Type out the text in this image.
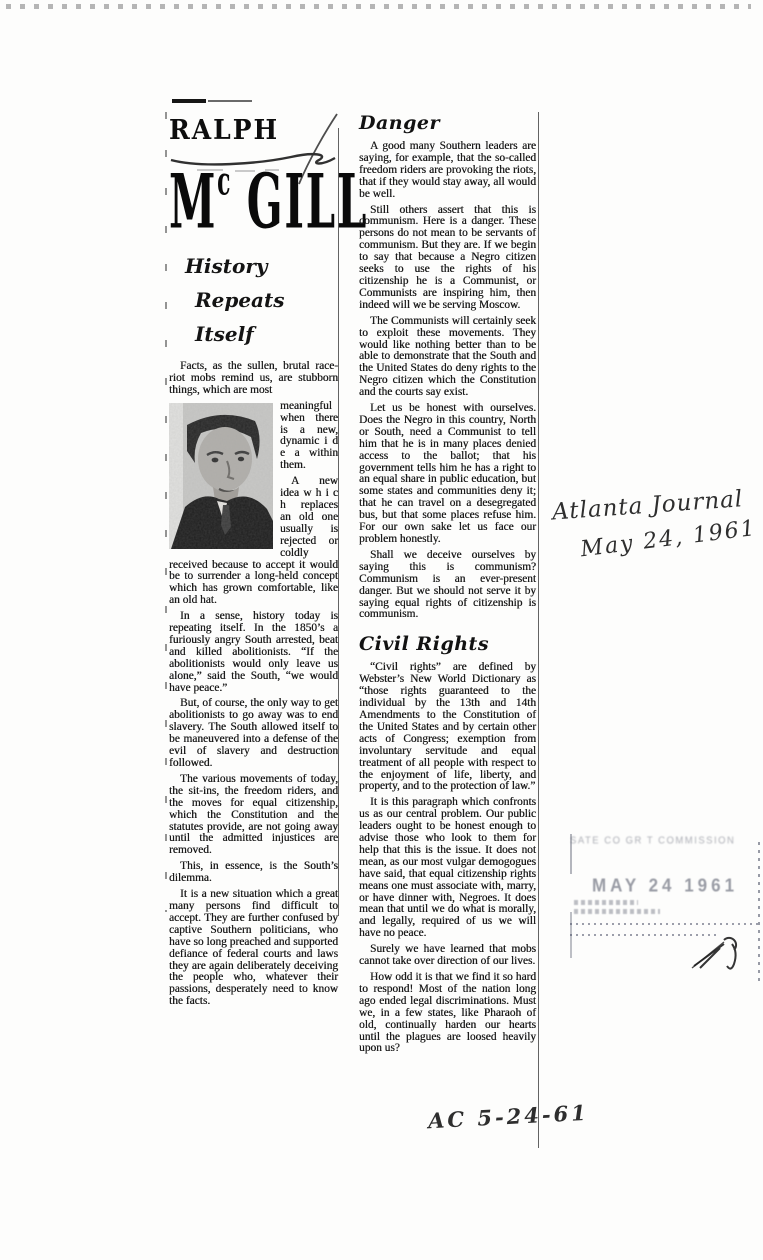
RALPH
$M^c$ GILL
History
Repeats Itself

Facts, as the sullen, brutal race-riot mobs remind us, are stubborn things, which are most

meaningful when there is a new, dynamic i d e a within them.

A new idea w h i c h replaces an old one usually is rejected or coldly received because to accept it would be to surrender a long-held concept which has grown comfortable, like an old hat.

In a sense, history today is repeating itself. In the 1850’s a furiously angry South arrested, beat and killed abolitionists. “If the abolitionists would only leave us alone,” said the South, “we would have peace.”

But, of course, the only way to get abolitionists to go away was to end slavery. The South allowed itself to be maneuvered into a defense of the evil of slavery and destruction followed.

The various movements of today, the sit-ins, the freedom riders, and the moves for equal citizenship, which the Constitution and the statutes provide, are not going away until the admitted injustices are removed.

This, in essence, is the South’s dilemma.

It is a new situation which a great many persons find difficult to accept. They are further confused by captive Southern politicians, who have so long preached and supported defiance of federal courts and laws they are again deliberately deceiving the people who, whatever their passions, desperately need to know the facts.

Danger

A good many Southern leaders are saying, for example, that the so-called freedom riders are provoking the riots, that if they would stay away, all would be well.

Still others assert that this is communism. Here is a danger. These persons do not mean to be servants of communism. But they are. If we begin to say that because a Negro citizen seeks to use the rights of his citizenship he is a Communist, or Communists are inspiring him, then indeed will we be serving Moscow.

The Communists will certainly seek to exploit these movements. They would like nothing better than to be able to demonstrate that the South and the United States do deny rights to the Negro citizen which the Constitution and the courts say exist.

Let us be honest with ourselves. Does the Negro in this country, North or South, need a Communist to tell him that he is in many places denied access to the ballot; that his government tells him he has a right to an equal share in public education, but some states and communities deny it; that he can travel on a desegregated bus, but that some places refuse him. For our own sake let us face our problem honestly.

Shall we deceive ourselves by saying this is communism? Communism is an ever-present danger. But we should not serve it by saying equal rights of citizenship is communism.

Civil Rights

“Civil rights” are defined by Webster’s New World Dictionary as “those rights guaranteed to the individual by the 13th and 14th Amendments to the Constitution of the United States and by certain other acts of Congress; exemption from involuntary servitude and equal treatment of all people with respect to the enjoyment of life, liberty, and property, and to the protection of law.”

It is this paragraph which confronts us as our central problem. Our public leaders ought to be honest enough to advise those who look to them for help that this is the issue. It does not mean, as our most vulgar demogogues have said, that equal citizenship rights means one must associate with, marry, or have dinner with, Negroes. It does mean that until we do what is morally, and legally, required of us we will have no peace.

Surely we have learned that mobs cannot take over direction of our lives.

How odd it is that we find it so hard to respond! Most of the nation long ago ended legal discriminations. Must we, in a few states, like Pharaoh of old, continually harden our hearts until the plagues are loosed heavily upon us?

Atlanta Journal
May 24, 1961
AC 5-24-61
SATE CO GR T COMMISSION
MAY 24 1961
